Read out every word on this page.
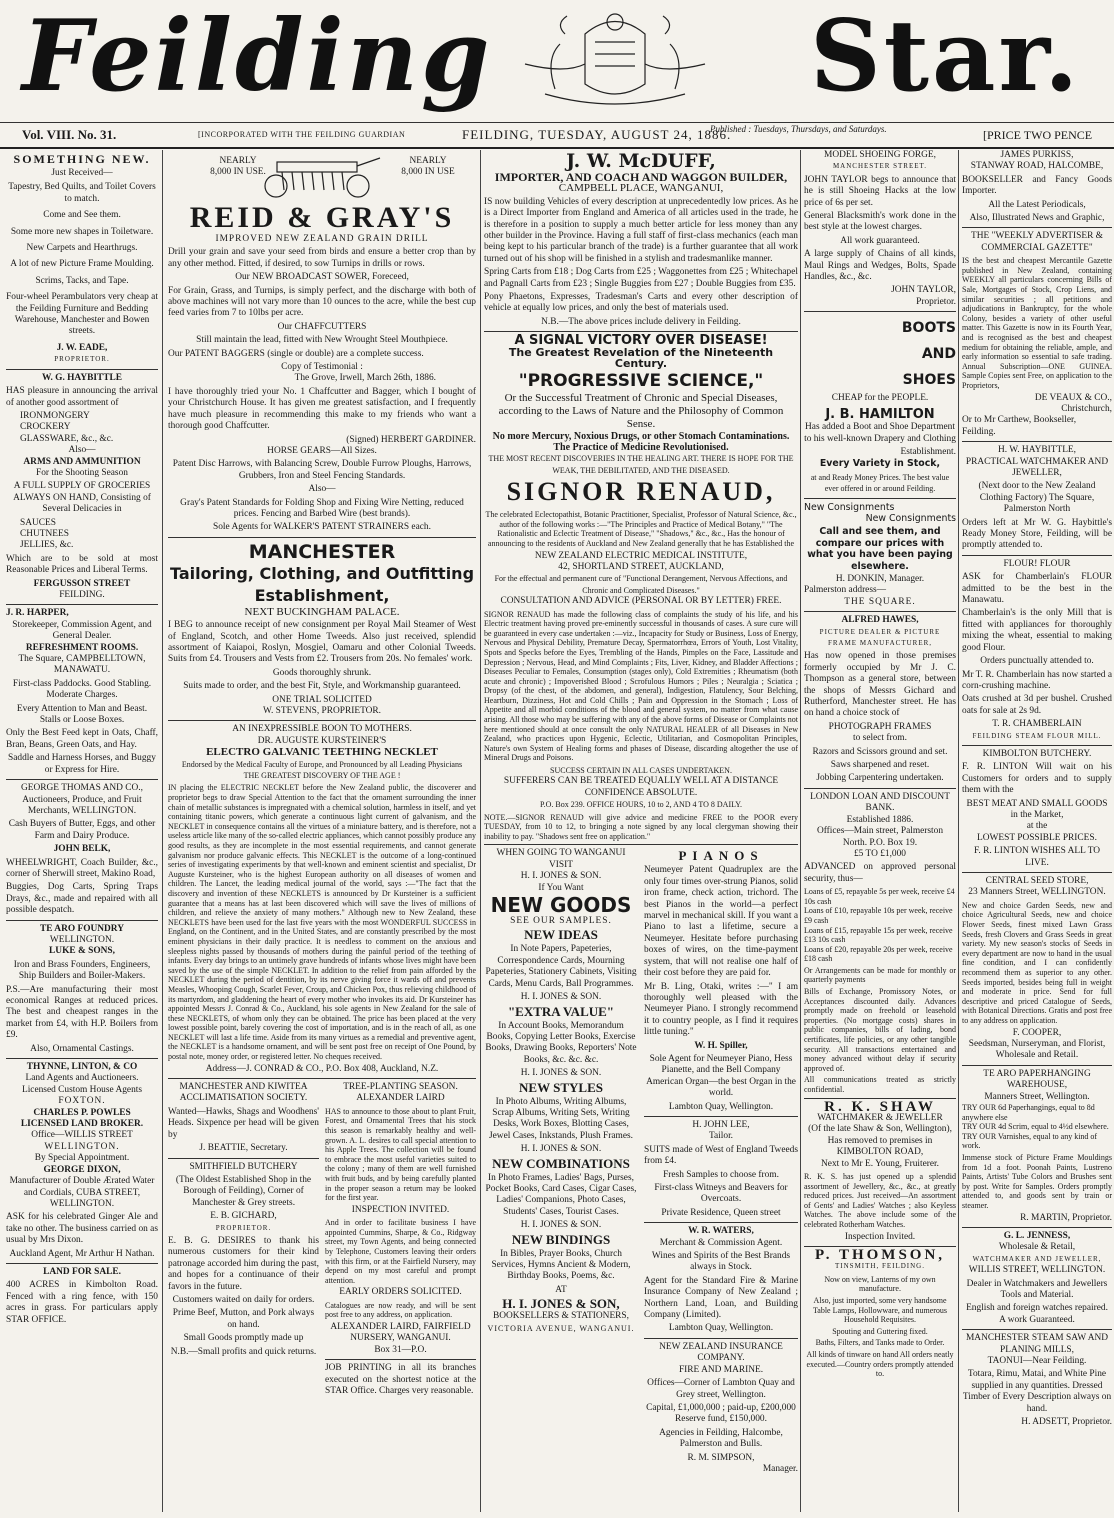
Feilding	Star.
Vol. VIII. No. 31.	[INCORPORATED WITH THE FEILDING GUARDIAN	FEILDING, TUESDAY, AUGUST 24, 1886.
Published : Tuesdays, Thursdays, and Saturdays.	[PRICE TWO PENCE
SOMETHING NEW.
Just Received—
Tapestry, Bed Quilts, and Toilet Covers to match.
Come and See them.
Some more new shapes in Toiletware.
New Carpets and Hearthrugs.
A lot of new Picture Frame Moulding.
Scrims, Tacks, and Tape.
Four-wheel Perambulators very cheap at the Feilding Furniture and Bedding Warehouse, Manchester and Bowen streets.
J. W. EADE,
PROPRIETOR.
W. G. HAYBITTLE

HAS pleasure in announcing the arrival of another good assortment of

IRONMONGERY
CROCKERY
GLASSWARE, &c., &c.
Also—
ARMS AND AMMUNITION
For the Shooting Season

A FULL SUPPLY OF GROCERIES ALWAYS ON HAND, Consisting of Several Delicacies in

SAUCES
CHUTNEES
JELLIES, &c.

Which are to be sold at most Reasonable Prices and Liberal Terms.

FERGUSSON STREET
FEILDING.
J. R. HARPER,
Storekeeper, Commission Agent, and General Dealer.
REFRESHMENT ROOMS.
The Square, CAMPBELLTOWN, MANAWATU.

First-class Paddocks. Good Stabling. Moderate Charges.

Every Attention to Man and Beast. Stalls or Loose Boxes.

Only the Best Feed kept in Oats, Chaff, Bran, Beans, Green Oats, and Hay.

Saddle and Harness Horses, and Buggy or Express for Hire.

GEORGE THOMAS AND CO.,
Auctioneers, Produce, and Fruit Merchants, WELLINGTON.

Cash Buyers of Butter, Eggs, and other Farm and Dairy Produce.

JOHN BELK,

WHEELWRIGHT, Coach Builder, &c., corner of Sherwill street, Makino Road,

Buggies, Dog Carts, Spring Traps Drays, &c., made and repaired with all possible despatch.

TE ARO FOUNDRY
WELLINGTON.
LUKE & SONS,

Iron and Brass Founders, Engineers, Ship Builders and Boiler-Makers.

P.S.—Are manufacturing their most economical Ranges at reduced prices. The best and cheapest ranges in the market from £4, with H.P. Boilers from £9.

Also, Ornamental Castings.

THYNNE, LINTON, & CO
Land Agents and Auctioneers.
Licensed Custom House Agents
FOXTON.
CHARLES P. POWLES
LICENSED LAND BROKER.
Office—WILLIS STREET
WELLINGTON.
By Special Appointment.
GEORGE DIXON,
Manufacturer of Double Ærated Water and Cordials, CUBA STREET, WELLINGTON.

ASK for his celebrated Ginger Ale and take no other. The business carried on as usual by Mrs Dixon.

Auckland Agent, Mr Arthur H Nathan.
LAND FOR SALE.

400 ACRES in Kimbolton Road. Fenced with a ring fence, with 150 acres in grass. For particulars apply STAR OFFICE.

NEARLY 8,000 IN USE.
NEARLY 8,000 IN USE
REID & GRAY'S
IMPROVED NEW ZEALAND GRAIN DRILL

Drill your grain and save your seed from birds and ensure a better crop than by any other method. Fitted, if desired, to sow Turnips in drills or rows.

Our NEW BROADCAST SOWER, Foreceed,

For Grain, Grass, and Turnips, is simply perfect, and the discharge with both of above machines will not vary more than 10 ounces to the acre, while the best cup feed varies from 7 to 10lbs per acre.

Our CHAFFCUTTERS

Still maintain the lead, fitted with New Wrought Steel Mouthpiece.

Our PATENT BAGGERS (single or double) are a complete success.

Copy of Testimonial :
The Grove, Irwell, March 26th, 1886.

I have thoroughly tried your No. 1 Chaffcutter and Bagger, which I bought of your Christchurch House. It has given me greatest satisfaction, and I frequently have much pleasure in recommending this make to my friends who want a thorough good Chaffcutter.

(Signed) HERBERT GARDINER.
HORSE GEARS—All Sizes.

Patent Disc Harrows, with Balancing Screw, Double Furrow Ploughs, Harrows, Grubbers, Iron and Steel Fencing Standards.

Also—

Gray's Patent Standards for Folding Shop and Fixing Wire Netting, reduced prices. Fencing and Barbed Wire (best brands).

Sole Agents for WALKER'S PATENT STRAINERS each.
MANCHESTER
Tailoring, Clothing, and Outfitting Establishment,
NEXT BUCKINGHAM PALACE.

I BEG to announce receipt of new consignment per Royal Mail Steamer of West of England, Scotch, and other Home Tweeds. Also just received, splendid assortment of Kaiapoi, Roslyn, Mosgiel, Oamaru and other Colonial Tweeds. Suits from £4. Trousers and Vests from £2. Trousers from 20s. No females' work.

Goods thoroughly shrunk.

Suits made to order, and the best Fit, Style, and Workmanship guaranteed.

ONE TRIAL SOLICITED
W. STEVENS, PROPRIETOR.
AN INEXPRESSIBLE BOON TO MOTHERS.
DR. AUGUSTE KURSTEINER'S
ELECTRO GALVANIC TEETHING NECKLET
Endorsed by the Medical Faculty of Europe, and Pronounced by all Leading Physicians
THE GREATEST DISCOVERY OF THE AGE !

IN placing the ELECTRIC NECKLET before the New Zealand public, the discoverer and proprietor begs to draw Special Attention to the fact that the ornament surrounding the inner chain of metallic substances is impregnated with a chemical solution, harmless in itself, and yet containing titanic powers, which generate a continuous light current of galvanism, and the NECKLET in consequence contains all the virtues of a miniature battery, and is therefore, not a useless article like many of the so-called electric appliances, which cannot possibly produce any good results, as they are incomplete in the most essential requirements, and cannot generate galvanism nor produce galvanic effects. This NECKLET is the outcome of a long-continued series of investigating experiments by that well-known and eminent scientist and specialist, Dr Auguste Kursteiner, who is the highest European authority on all diseases of women and children. The Lancet, the leading medical journal of the world, says :—"The fact that the discovery and invention of these NECKLETS is announced by Dr Kursteiner is a sufficient guarantee that a means has at last been discovered which will save the lives of millions of children, and relieve the anxiety of many mothers." Although new to New Zealand, these NECKLETS have been used for the last five years with the most WONDERFUL SUCCESS in England, on the Continent, and in the United States, and are constantly prescribed by the most eminent physicians in their daily practice. It is needless to comment on the anxious and sleepless nights passed by thousands of mothers during the painful period of the teething of infants. Every day brings to an untimely grave hundreds of infants whose lives might have been saved by the use of the simple NECKLET. In addition to the relief from pain afforded by the NECKLET during the period of dentition, by its nerve giving force it wards off and prevents Measles, Whooping Cough, Scarlet Fever, Croup, and Chicken Pox, thus relieving childhood of its martyrdom, and gladdening the heart of every mother who invokes its aid. Dr Kursteiner has appointed Messrs J. Conrad & Co., Auckland, his sole agents in New Zealand for the sale of these NECKLETS, of whom only they can be obtained. The price has been placed at the very lowest possible point, barely covering the cost of importation, and is in the reach of all, as one NECKLET will last a life time. Aside from its many virtues as a remedial and preventive agent, the NECKLET is a handsome ornament, and will be sent post free on receipt of One Pound, by postal note, money order, or registered letter. No cheques received.

Address—J. CONRAD & CO., P.O. Box 408, Auckland, N.Z.
MANCHESTER AND KIWITEA ACCLIMATISATION SOCIETY.

Wanted—Hawks, Shags and Woodhens' Heads. Sixpence per head will be given by

J. BEATTIE, Secretary.
SMITHFIELD BUTCHERY

(The Oldest Established Shop in the Borough of Feilding), Corner of Manchester & Grey streets.

E. B. GICHARD,
PROPRIETOR.

E. B. G. DESIRES to thank his numerous customers for their kind patronage accorded him during the past, and hopes for a continuance of their favors in the future.

Customers waited on daily for orders.

Prime Beef, Mutton, and Pork always on hand.

Small Goods promptly made up

N.B.—Small profits and quick returns.

TREE-PLANTING SEASON.
ALEXANDER LAIRD

HAS to announce to those about to plant Fruit, Forest, and Ornamental Trees that his stock this season is remarkably healthy and well-grown. A. L. desires to call special attention to his Apple Trees. The collection will be found to embrace the most useful varieties suited to the colony ; many of them are well furnished with fruit buds, and by being carefully planted in the proper season a return may be looked for the first year.

INSPECTION INVITED.

And in order to facilitate business I have appointed Cummins, Sharpe, & Co., Ridgway street, my Town Agents, and being connected by Telephone, Customers leaving their orders with this firm, or at the Fairfield Nursery, may depend on my most careful and prompt attention.

EARLY ORDERS SOLICITED.

Catalogues are now ready, and will be sent post free to any address, on application.

ALEXANDER LAIRD, FAIRFIELD NURSERY, WANGANUI.
Box 31—P.O.

JOB PRINTING in all its branches executed on the shortest notice at the STAR Office. Charges very reasonable.

J. W. McDUFF,
IMPORTER, AND COACH AND WAGGON BUILDER,
CAMPBELL PLACE, WANGANUI,

IS now building Vehicles of every description at unprecedentedly low prices. As he is a Direct Importer from England and America of all articles used in the trade, he is therefore in a position to supply a much better article for less money than any other builder in the Province. Having a full staff of first-class mechanics (each man being kept to his particular branch of the trade) is a further guarantee that all work turned out of his shop will be finished in a stylish and tradesmanlike manner.

Spring Carts from £18 ; Dog Carts from £25 ; Waggonettes from £25 ; Whitechapel and Pagnall Carts from £23 ; Single Buggies from £27 ; Double Buggies from £35.

Pony Phaetons, Expresses, Tradesman's Carts and every other description of vehicle at equally low prices, and only the best of materials used.

N.B.—The above prices include delivery in Feilding.
A SIGNAL VICTORY OVER DISEASE!
The Greatest Revelation of the Nineteenth Century.
"PROGRESSIVE SCIENCE,"
Or the Successful Treatment of Chronic and Special Diseases, according to the Laws of Nature and the Philosophy of Common Sense.
No more Mercury, Noxious Drugs, or other Stomach Contaminations. The Practice of Medicine Revolutionised.
THE MOST RECENT DISCOVERIES IN THE HEALING ART. THERE IS HOPE FOR THE WEAK, THE DEBILITATED, AND THE DISEASED.
SIGNOR RENAUD,

The celebrated Eclectopathist, Botanic Practitioner, Specialist, Professor of Natural Science, &c., author of the following works :—"The Principles and Practice of Medical Botany," "The Rationalistic and Eclectic Treatment of Disease," "Shadows," &c., &c., Has the honour of announcing to the residents of Auckland and New Zealand generally that he has Established the

NEW ZEALAND ELECTRIC MEDICAL INSTITUTE,
42, SHORTLAND STREET, AUCKLAND,
For the effectual and permanent cure of "Functional Derangement, Nervous Affections, and Chronic and Complicated Diseases."
CONSULTATION AND ADVICE (PERSONAL OR BY LETTER) FREE.

SIGNOR RENAUD has made the following class of complaints the study of his life, and his Electric treatment having proved pre-eminently successful in thousands of cases. A sure cure will be guaranteed in every case undertaken :—viz., Incapacity for Study or Business, Loss of Energy, Nervous and Physical Debility, Premature Decay, Spermatorrhœa, Errors of Youth, Lost Vitality, Spots and Specks before the Eyes, Trembling of the Hands, Pimples on the Face, Lassitude and Depression ; Nervous, Head, and Mind Complaints ; Fits, Liver, Kidney, and Bladder Affections ; Diseases Peculiar to Females, Consumption (stages only), Cold Extremities ; Rheumatism (both acute and chronic) ; Impoverished Blood ; Scrofulous Humors ; Piles ; Neuralgia ; Sciatica ; Dropsy (of the chest, of the abdomen, and general), Indigestion, Flatulency, Sour Belching, Heartburn, Dizziness, Hot and Cold Chills ; Pain and Oppression in the Stomach ; Loss of Appetite and all morbid conditions of the blood and general system, no matter from what cause arising. All those who may be suffering with any of the above forms of Disease or Complaints not here mentioned should at once consult the only NATURAL HEALER of all Diseases in New Zealand, who practices upon Hygenic, Eclectic, Utilitarian, and Cosmopolitan Principles, Nature's own System of Healing forms and phases of Disease, discarding altogether the use of Mineral Drugs and Poisons.

SUCCESS CERTAIN IN ALL CASES UNDERTAKEN.
SUFFERERS CAN BE TREATED EQUALLY WELL AT A DISTANCE CONFIDENCE ABSOLUTE.
P.O. Box 239. OFFICE HOURS, 10 to 2, AND 4 TO 8 DAILY.

NOTE.—SIGNOR RENAUD will give advice and medicine FREE to the POOR every TUESDAY, from 10 to 12, to bringing a note signed by any local clergyman showing their inability to pay. "Shadows sent free on application."

WHEN GOING TO WANGANUI VISIT
H. I. JONES & SON.
If You Want
NEW GOODS
SEE OUR SAMPLES.
NEW IDEAS

In Note Papers, Papeteries, Correspondence Cards, Mourning Papeteries, Stationery Cabinets, Visiting Cards, Menu Cards, Ball Programmes.

H. I. JONES & SON.
"EXTRA VALUE"

In Account Books, Memorandum Books, Copying Letter Books, Exercise Books, Drawing Books, Reporters' Note Books, &c. &c. &c.

H. I. JONES & SON.
NEW STYLES

In Photo Albums, Writing Albums, Scrap Albums, Writing Sets, Writing Desks, Work Boxes, Blotting Cases, Jewel Cases, Inkstands, Plush Frames.

H. I. JONES & SON.
NEW COMBINATIONS

In Photo Frames, Ladies' Bags, Purses, Pocket Books, Card Cases, Cigar Cases, Ladies' Companions, Photo Cases, Students' Cases, Tourist Cases.

H. I. JONES & SON.
NEW BINDINGS

In Bibles, Prayer Books, Church Services, Hymns Ancient & Modern, Birthday Books, Poems, &c.

AT
H. I. JONES & SON,
BOOKSELLERS & STATIONERS,
VICTORIA AVENUE, WANGANUI.
PIANOS

Neumeyer Patent Quadruplex are the only four times over-strung Pianos, solid iron frame, check action, trichord. The best Pianos in the world—a perfect marvel in mechanical skill. If you want a Piano to last a lifetime, secure a Neumeyer. Hesitate before purchasing boxes of wires, on the time-payment system, that will not realise one half of their cost before they are paid for.

Mr B. Ling, Otaki, writes :—" I am thoroughly well pleased with the Neumeyer Piano. I strongly recommend it to country people, as I find it requires little tuning."

W. H. Spiller,

Sole Agent for Neumeyer Piano, Hess Pianette, and the Bell Company American Organ—the best Organ in the world.

Lambton Quay, Wellington.
H. JOHN LEE,
Tailor.

SUITS made of West of England Tweeds from £4.

Fresh Samples to choose from.

First-class Witneys and Beavers for Overcoats.

Private Residence, Queen street

W. R. WATERS,
Merchant & Commission Agent.

Wines and Spirits of the Best Brands always in Stock.

Agent for the Standard Fire & Marine Insurance Company of New Zealand ; Northern Land, Loan, and Building Company (Limited).

Lambton Quay, Wellington.
NEW ZEALAND INSURANCE COMPANY.
FIRE AND MARINE.

Offices—Corner of Lambton Quay and Grey street, Wellington.

Capital, £1,000,000 ; paid-up, £200,000 Reserve fund, £150,000.

Agencies in Feilding, Halcombe, Palmerston and Bulls.

R. M. SIMPSON,
Manager.
MODEL SHOEING FORGE,
MANCHESTER STREET.

JOHN TAYLOR begs to announce that he is still Shoeing Hacks at the low price of 6s per set.

General Blacksmith's work done in the best style at the lowest charges.

All work guaranteed.

A large supply of Chains of all kinds, Maul Rings and Wedges, Bolts, Spade Handles, &c., &c.

JOHN TAYLOR,
Proprietor.
BOOTS
AND
SHOES
CHEAP for the PEOPLE.
J. B. HAMILTON

Has added a Boot and Shoe Department to his well-known Drapery and Clothing

Establishment.
Every Variety in Stock,

at and Ready Money Prices. The best value ever offered in or around Feilding.

New Consignments
New Consignments

Call and see them, and compare our prices with what you have been paying elsewhere.

H. DONKIN, Manager.
Palmerston address—
THE SQUARE.
ALFRED HAWES,
PICTURE DEALER & PICTURE FRAME MANUFACTURER,

Has now opened in those premises formerly occupied by Mr J. C. Thompson as a general store, between the shops of Messrs Gichard and Rutherford, Manchester street. He has on hand a choice stock of

PHOTOGRAPH FRAMES
to select from.

Razors and Scissors ground and set.

Saws sharpened and reset.

Jobbing Carpentering undertaken.

LONDON LOAN AND DISCOUNT BANK.
Established 1886.
Offices—Main street, Palmerston North. P.O. Box 19.
£5 TO £1,000

ADVANCED on approved personal security, thus—

Loans of £5, repayable 5s per week, receive £4 10s cash
Loans of £10, repayable 10s per week, receive £9 cash
Loans of £15, repayable 15s per week, receive £13 10s cash
Loans of £20, repayable 20s per week, receive £18 cash

Or Arrangements can be made for monthly or quarterly payments

Bills of Exchange, Promissory Notes, or Acceptances discounted daily. Advances promptly made on freehold or leasehold properties. (No mortgage costs) shares in public companies, bills of lading, bond certificates, life policies, or any other tangible security. All transactions entertained and money advanced without delay if security approved of.

All communications treated as strictly confidential.

R. K. SHAW
WATCHMAKER & JEWELLER
(Of the late Shaw & Son, Wellington),
Has removed to premises in KIMBOLTON ROAD,
Next to Mr E. Young, Fruiterer.

R. K. S. has just opened up a splendid assortment of Jewellery, &c., &c., at greatly reduced prices. Just received—An assortment of Gents' and Ladies' Watches ; also Keyless Watches. The above include some of the celebrated Rotherham Watches.

Inspection Invited.
P. THOMSON,
TINSMITH, FEILDING.

Now on view, Lanterns of my own manufacture.

Also, just imported, some very handsome Table Lamps, Hollowware, and numerous Household Requisites.

Spouting and Guttering fixed.

Baths, Filters, and Tanks made to Order.

All kinds of tinware on hand All orders neatly executed.—Country orders promptly attended to.

JAMES PURKISS,
STANWAY ROAD, HALCOMBE,

BOOKSELLER and Fancy Goods Importer.

All the Latest Periodicals,

Also, Illustrated News and Graphic,

THE "WEEKLY ADVERTISER & COMMERCIAL GAZETTE"

IS the best and cheapest Mercantile Gazette published in New Zealand, containing WEEKLY all particulars concerning Bills of Sale, Mortgages of Stock, Crop Liens, and similar securities ; all petitions and adjudications in Bankruptcy, for the whole Colony, besides a variety of other useful matter. This Gazette is now in its Fourth Year, and is recognised as the best and cheapest medium for obtaining the reliable, ample, and early information so essential to safe trading. Annual Subscription—ONE GUINEA. Sample Copies sent Free, on application to the Proprietors,

DE VEAUX & CO.,
Christchurch,
Or to Mr Carthew, Bookseller, Feilding.
H. W. HAYBITTLE,
PRACTICAL WATCHMAKER AND JEWELLER,

(Next door to the New Zealand Clothing Factory) The Square, Palmerston North

Orders left at Mr W. G. Haybittle's Ready Money Store, Feilding, will be promptly attended to.

FLOUR! FLOUR

ASK for Chamberlain's FLOUR admitted to be the best in the Manawatu.

Chamberlain's is the only Mill that is fitted with appliances for thoroughly mixing the wheat, essential to making good Flour.

Orders punctually attended to.

Mr T. R. Chamberlain has now started a corn-crushing machine.

Oats crushed at 3d per bushel. Crushed oats for sale at 2s 9d.

T. R. CHAMBERLAIN
FEILDING STEAM FLOUR MILL.
KIMBOLTON BUTCHERY.

F. R. LINTON Will wait on his Customers for orders and to supply them with the

BEST MEAT AND SMALL GOODS
in the Market,
at the
LOWEST POSSIBLE PRICES.

F. R. LINTON WISHES ALL TO LIVE.

CENTRAL SEED STORE,
23 Manners Street, WELLINGTON.

New and choice Garden Seeds, new and choice Agricultural Seeds, new and choice Flower Seeds, finest mixed Lawn Grass Seeds, fresh Clovers and Grass Seeds in great variety. My new season's stocks of Seeds in every department are now to hand in the usual fine condition, and I can confidently recommend them as superior to any other. Seeds imported, besides being full in weight and moderate in price. Send for full descriptive and priced Catalogue of Seeds, with Botanical Directions. Gratis and post free to any address on application.

F. COOPER,
Seedsman, Nurseryman, and Florist, Wholesale and Retail.
TE ARO PAPERHANGING WAREHOUSE,
Manners Street, Wellington.
TRY OUR 6d Paperhangings, equal to 8d anywhere else
TRY OUR 4d Scrim, equal to 4½d elsewhere.
TRY OUR Varnishes, equal to any kind of work.

Immense stock of Picture Frame Mouldings from 1d a foot. Poonah Paints, Lustreno Paints, Artists' Tube Colors and Brushes sent by post. Write for Samples. Orders promptly attended to, and goods sent by train or steamer.

R. MARTIN, Proprietor.
G. L. JENNESS,
Wholesale & Retail,
WATCHMAKER AND JEWELLER,
WILLIS STREET, WELLINGTON.

Dealer in Watchmakers and Jewellers Tools and Material.

English and foreign watches repaired. A work Guaranteed.

MANCHESTER STEAM SAW AND PLANING MILLS,
TAONUI—Near Feilding.

Totara, Rimu, Matai, and White Pine supplied in any quantities. Dressed Timber of Every Description always on hand.

H. ADSETT, Proprietor.
